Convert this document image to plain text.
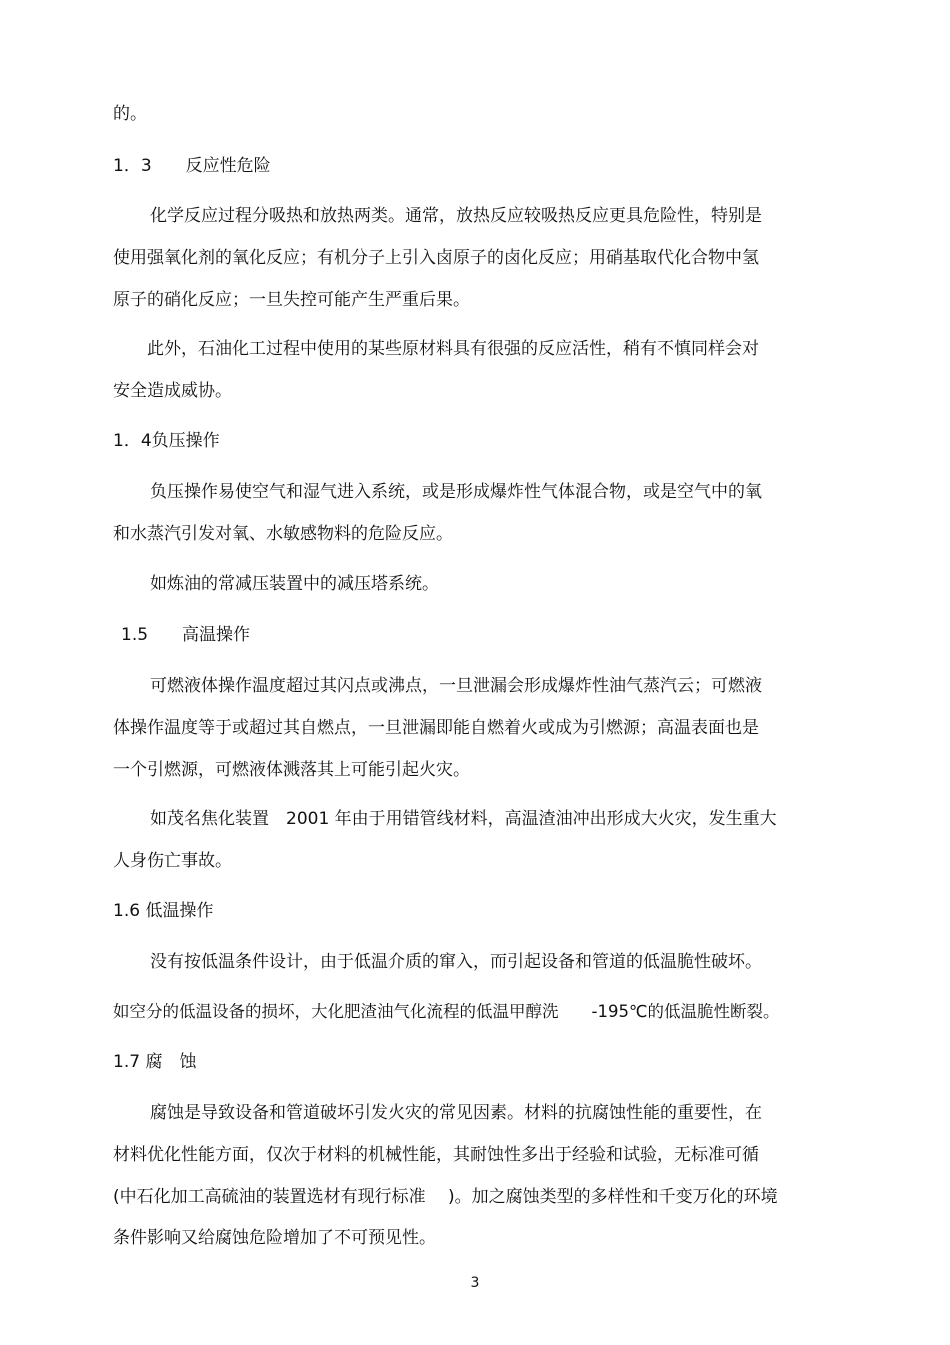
的。
1．3　　反应性危险
化学反应过程分吸热和放热两类。通常，放热反应较吸热反应更具危险性，特别是
使用强氧化剂的氧化反应；有机分子上引入卤原子的卤化反应；用硝基取代化合物中氢
原子的硝化反应；一旦失控可能产生严重后果。
此外，石油化工过程中使用的某些原材料具有很强的反应活性，稍有不慎同样会对
安全造成威协。
1．4负压操作
负压操作易使空气和湿气进入系统，或是形成爆炸性气体混合物，或是空气中的氧
和水蒸汽引发对氧、水敏感物料的危险反应。
如炼油的常减压装置中的减压塔系统。
1.5　　高温操作
可燃液体操作温度超过其闪点或沸点，一旦泄漏会形成爆炸性油气蒸汽云；可燃液
体操作温度等于或超过其自燃点，一旦泄漏即能自燃着火或成为引燃源；高温表面也是
一个引燃源，可燃液体溅落其上可能引起火灾。
如茂名焦化装置　2001 年由于用错管线材料，高温渣油冲出形成大火灾，发生重大
人身伤亡事故。
1.6 低温操作
没有按低温条件设计，由于低温介质的窜入，而引起设备和管道的低温脆性破坏。
如空分的低温设备的损坏，大化肥渣油气化流程的低温甲醇洗　　-195℃的低温脆性断裂。
1.7 腐　蚀
腐蚀是导致设备和管道破坏引发火灾的常见因素。材料的抗腐蚀性能的重要性，在
材料优化性能方面，仅次于材料的机械性能，其耐蚀性多出于经验和试验，无标准可循
(中石化加工高硫油的装置选材有现行标准　 )。加之腐蚀类型的多样性和千变万化的环境
条件影响又给腐蚀危险增加了不可预见性。
3
